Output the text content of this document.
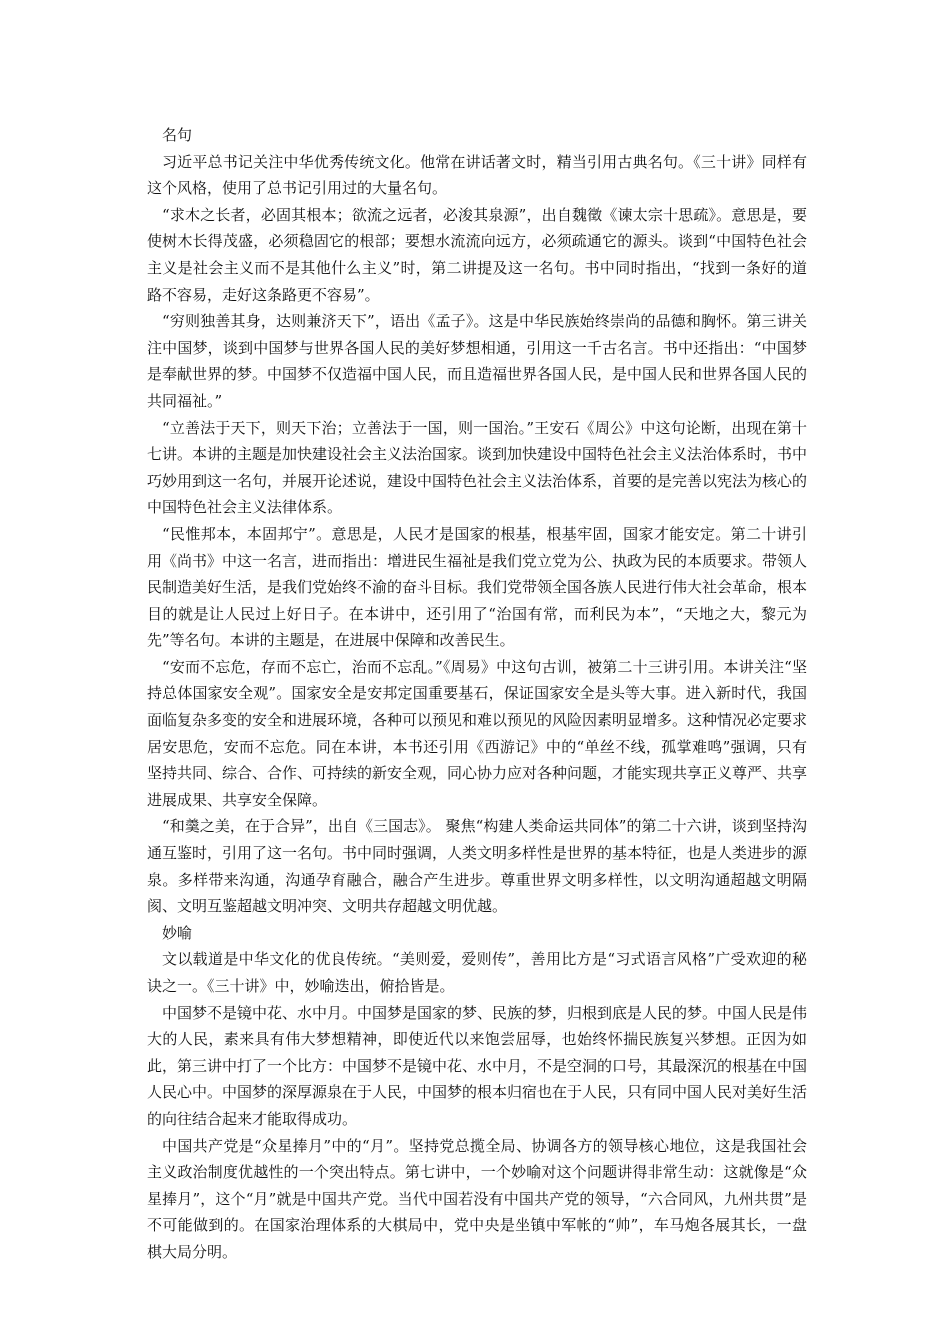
名句

习近平总书记关注中华优秀传统文化。他常在讲话著文时，精当引用古典名句。《三十讲》同样有这个风格，使用了总书记引用过的大量名句。

“求木之长者，必固其根本；欲流之远者，必浚其泉源”，出自魏徵《谏太宗十思疏》。意思是，要使树木长得茂盛，必须稳固它的根部；要想水流流向远方，必须疏通它的源头。谈到“中国特色社会主义是社会主义而不是其他什么主义”时，第二讲提及这一名句。书中同时指出，“找到一条好的道路不容易，走好这条路更不容易”。

“穷则独善其身，达则兼济天下”，语出《孟子》。这是中华民族始终崇尚的品德和胸怀。第三讲关注中国梦，谈到中国梦与世界各国人民的美好梦想相通，引用这一千古名言。书中还指出：“中国梦是奉献世界的梦。中国梦不仅造福中国人民，而且造福世界各国人民，是中国人民和世界各国人民的共同福祉。”

“立善法于天下，则天下治；立善法于一国，则一国治。”王安石《周公》中这句论断，出现在第十七讲。本讲的主题是加快建设社会主义法治国家。谈到加快建设中国特色社会主义法治体系时，书中巧妙用到这一名句，并展开论述说，建设中国特色社会主义法治体系，首要的是完善以宪法为核心的中国特色社会主义法律体系。

“民惟邦本，本固邦宁”。意思是，人民才是国家的根基，根基牢固，国家才能安定。第二十讲引用《尚书》中这一名言，进而指出：增进民生福祉是我们党立党为公、执政为民的本质要求。带领人民制造美好生活，是我们党始终不渝的奋斗目标。我们党带领全国各族人民进行伟大社会革命，根本目的就是让人民过上好日子。在本讲中，还引用了“治国有常，而利民为本”，“天地之大，黎元为先”等名句。本讲的主题是，在进展中保障和改善民生。

“安而不忘危，存而不忘亡，治而不忘乱。”《周易》中这句古训，被第二十三讲引用。本讲关注“坚持总体国家安全观”。国家安全是安邦定国重要基石，保证国家安全是头等大事。进入新时代，我国面临复杂多变的安全和进展环境，各种可以预见和难以预见的风险因素明显增多。这种情况必定要求居安思危，安而不忘危。同在本讲，本书还引用《西游记》中的“单丝不线，孤掌难鸣”强调，只有坚持共同、综合、合作、可持续的新安全观，同心协力应对各种问题，才能实现共享正义尊严、共享进展成果、共享安全保障。

“和羹之美，在于合异”，出自《三国志》。 聚焦“构建人类命运共同体”的第二十六讲，谈到坚持沟通互鉴时，引用了这一名句。书中同时强调，人类文明多样性是世界的基本特征，也是人类进步的源泉。多样带来沟通，沟通孕育融合，融合产生进步。尊重世界文明多样性，以文明沟通超越文明隔阂、文明互鉴超越文明冲突、文明共存超越文明优越。

妙喻

文以载道是中华文化的优良传统。“美则爱，爱则传”，善用比方是“习式语言风格”广受欢迎的秘诀之一。《三十讲》中，妙喻迭出，俯拾皆是。

中国梦不是镜中花、水中月。中国梦是国家的梦、民族的梦，归根到底是人民的梦。中国人民是伟大的人民，素来具有伟大梦想精神，即使近代以来饱尝屈辱，也始终怀揣民族复兴梦想。正因为如此，第三讲中打了一个比方：中国梦不是镜中花、水中月，不是空洞的口号，其最深沉的根基在中国人民心中。中国梦的深厚源泉在于人民，中国梦的根本归宿也在于人民，只有同中国人民对美好生活的向往结合起来才能取得成功。

中国共产党是“众星捧月”中的“月”。坚持党总揽全局、协调各方的领导核心地位，这是我国社会主义政治制度优越性的一个突出特点。第七讲中，一个妙喻对这个问题讲得非常生动：这就像是“众星捧月”，这个“月”就是中国共产党。当代中国若没有中国共产党的领导，“六合同风，九州共贯”是不可能做到的。在国家治理体系的大棋局中，党中央是坐镇中军帐的“帅”，车马炮各展其长，一盘棋大局分明。
